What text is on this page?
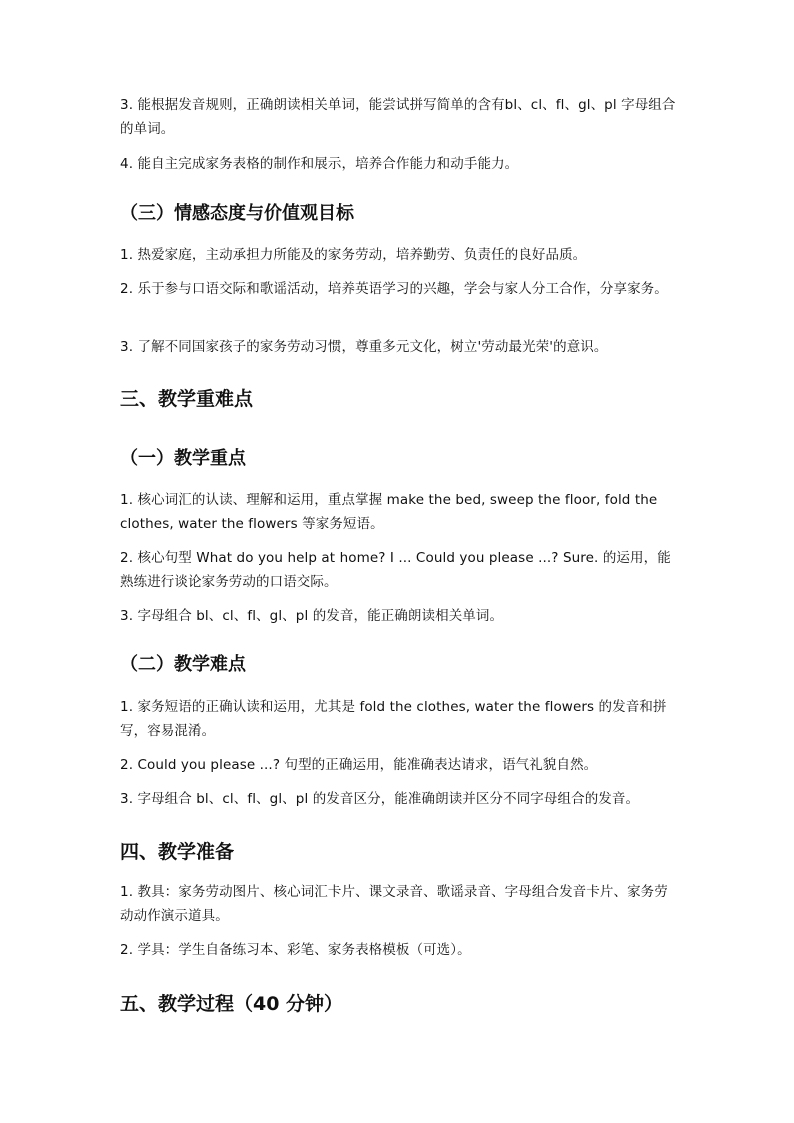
3. 能根据发音规则，正确朗读相关单词，能尝试拼写简单的含有bl、cl、fl、gl、pl 字母组合的单词。

4. 能自主完成家务表格的制作和展示，培养合作能力和动手能力。

（三）情感态度与价值观目标

1. 热爱家庭，主动承担力所能及的家务劳动，培养勤劳、负责任的良好品质。

2. 乐于参与口语交际和歌谣活动，培养英语学习的兴趣，学会与家人分工合作，分享家务。

3. 了解不同国家孩子的家务劳动习惯，尊重多元文化，树立'劳动最光荣'的意识。

三、教学重难点
（一）教学重点

1. 核心词汇的认读、理解和运用，重点掌握 make the bed, sweep the floor, fold the clothes, water the flowers 等家务短语。

2. 核心句型 What do you help at home? I ... Could you please ...? Sure. 的运用，能熟练进行谈论家务劳动的口语交际。

3. 字母组合 bl、cl、fl、gl、pl 的发音，能正确朗读相关单词。

（二）教学难点

1. 家务短语的正确认读和运用，尤其是 fold the clothes, water the flowers 的发音和拼写，容易混淆。

2. Could you please ...? 句型的正确运用，能准确表达请求，语气礼貌自然。

3. 字母组合 bl、cl、fl、gl、pl 的发音区分，能准确朗读并区分不同字母组合的发音。

四、教学准备

1. 教具：家务劳动图片、核心词汇卡片、课文录音、歌谣录音、字母组合发音卡片、家务劳动动作演示道具。

2. 学具：学生自备练习本、彩笔、家务表格模板（可选）。

五、教学过程（40 分钟）
